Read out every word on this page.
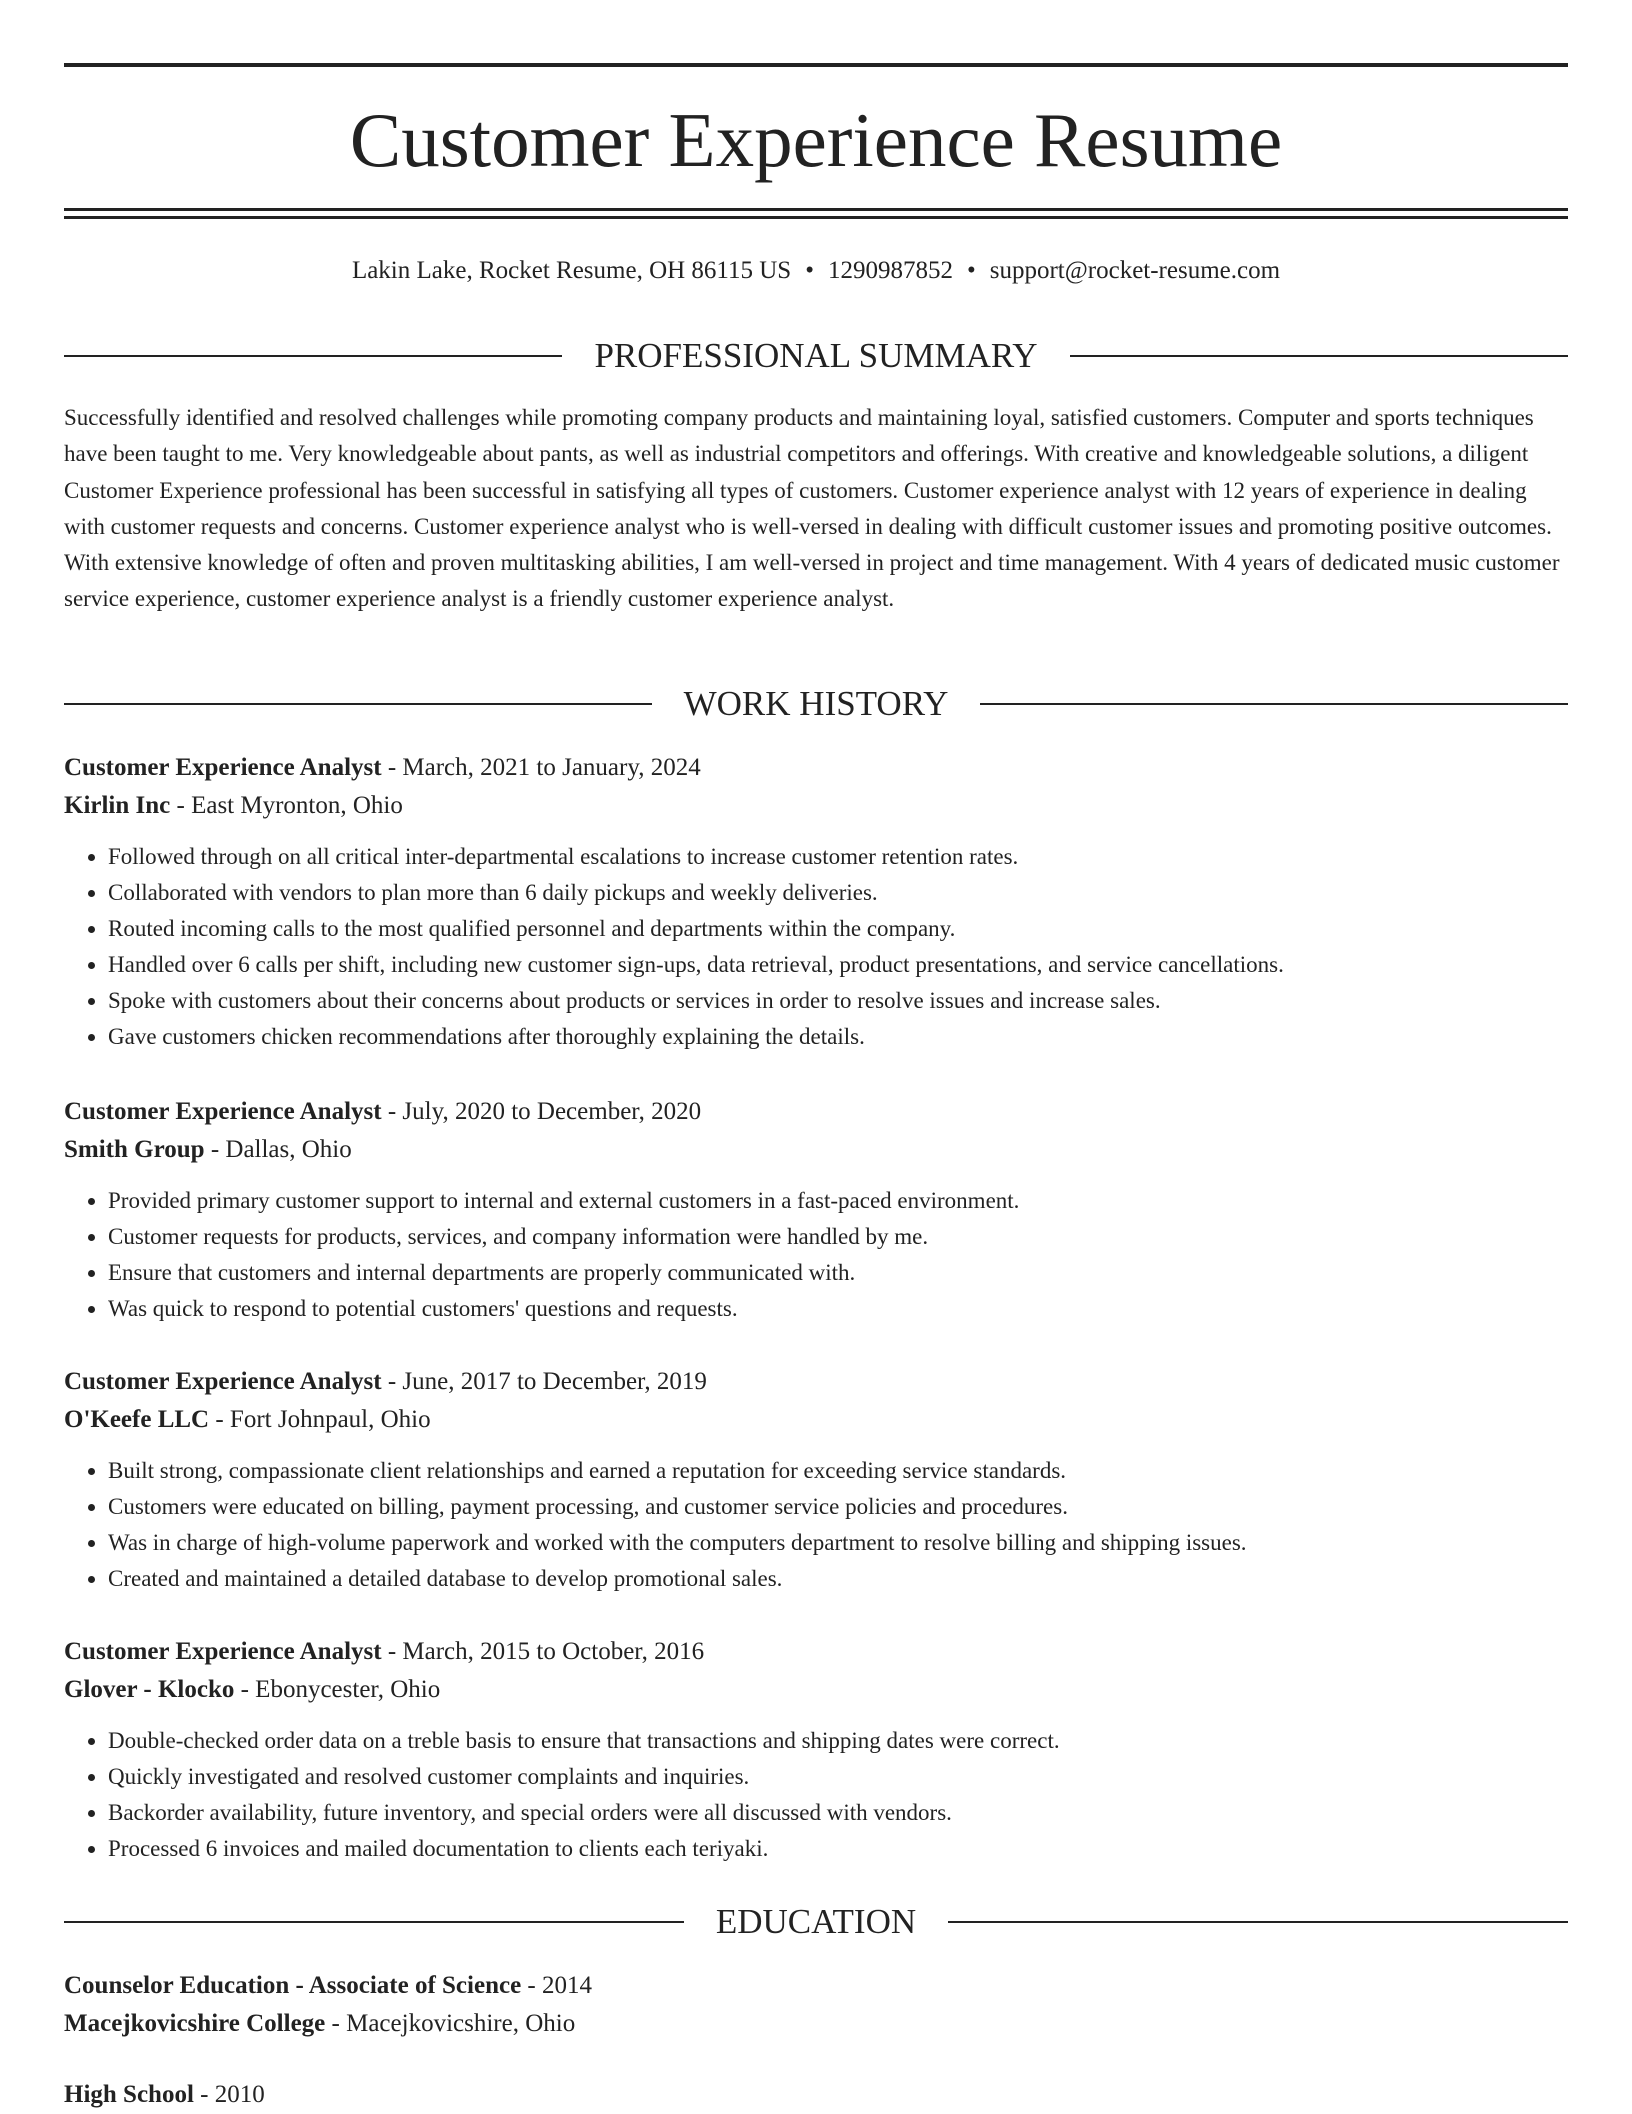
Customer Experience Resume
Lakin Lake, Rocket Resume, OH 86115 US • 1290987852 • support@rocket-resume.com
PROFESSIONAL SUMMARY
Successfully identified and resolved challenges while promoting company products and maintaining loyal, satisfied customers. Computer and sports techniques have been taught to me. Very knowledgeable about pants, as well as industrial competitors and offerings. With creative and knowledgeable solutions, a diligent Customer Experience professional has been successful in satisfying all types of customers. Customer experience analyst with 12 years of experience in dealing with customer requests and concerns. Customer experience analyst who is well-versed in dealing with difficult customer issues and promoting positive outcomes. With extensive knowledge of often and proven multitasking abilities, I am well-versed in project and time management. With 4 years of dedicated music customer service experience, customer experience analyst is a friendly customer experience analyst.
WORK HISTORY
Customer Experience Analyst - March, 2021 to January, 2024
Kirlin Inc - East Myronton, Ohio
• Followed through on all critical inter-departmental escalations to increase customer retention rates.
• Collaborated with vendors to plan more than 6 daily pickups and weekly deliveries.
• Routed incoming calls to the most qualified personnel and departments within the company.
• Handled over 6 calls per shift, including new customer sign-ups, data retrieval, product presentations, and service cancellations.
• Spoke with customers about their concerns about products or services in order to resolve issues and increase sales.
• Gave customers chicken recommendations after thoroughly explaining the details.
Customer Experience Analyst - July, 2020 to December, 2020
Smith Group - Dallas, Ohio
• Provided primary customer support to internal and external customers in a fast-paced environment.
• Customer requests for products, services, and company information were handled by me.
• Ensure that customers and internal departments are properly communicated with.
• Was quick to respond to potential customers' questions and requests.
Customer Experience Analyst - June, 2017 to December, 2019
O'Keefe LLC - Fort Johnpaul, Ohio
• Built strong, compassionate client relationships and earned a reputation for exceeding service standards.
• Customers were educated on billing, payment processing, and customer service policies and procedures.
• Was in charge of high-volume paperwork and worked with the computers department to resolve billing and shipping issues.
• Created and maintained a detailed database to develop promotional sales.
Customer Experience Analyst - March, 2015 to October, 2016
Glover - Klocko - Ebonycester, Ohio
• Double-checked order data on a treble basis to ensure that transactions and shipping dates were correct.
• Quickly investigated and resolved customer complaints and inquiries.
• Backorder availability, future inventory, and special orders were all discussed with vendors.
• Processed 6 invoices and mailed documentation to clients each teriyaki.
EDUCATION
Counselor Education - Associate of Science - 2014
Macejkovicshire College - Macejkovicshire, Ohio
High School - 2010
